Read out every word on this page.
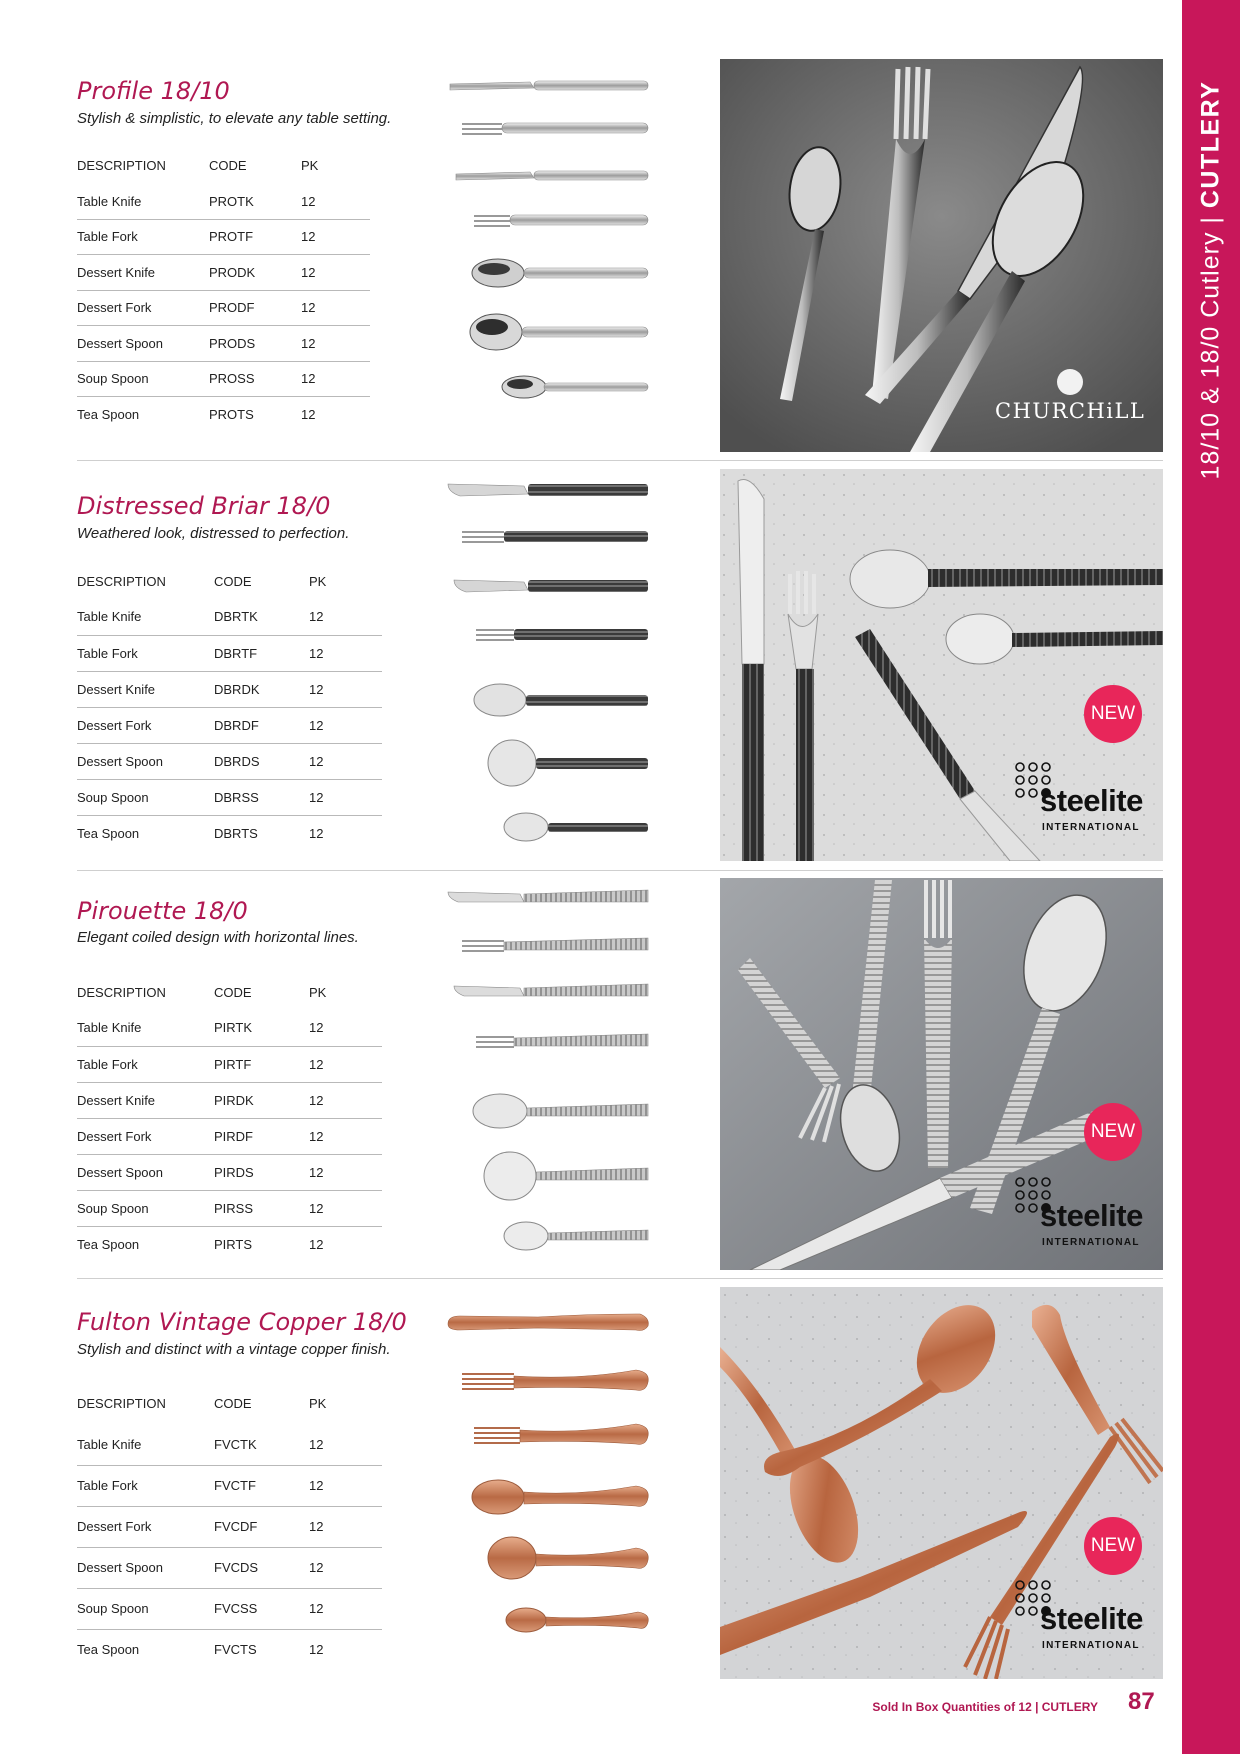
18/10 & 18/0 Cutlery | CUTLERY
Profile 18/10
Stylish & simplistic, to elevate any table setting.
DESCRIPTION	CODE	PK
Table Knife	PROTK	12
Table Fork	PROTF	12
Dessert Knife	PRODK	12
Dessert Fork	PRODF	12
Dessert Spoon	PRODS	12
Soup Spoon	PROSS	12
Tea Spoon	PROTS	12
Distressed Briar 18/0
Weathered look, distressed to perfection.
DESCRIPTION	CODE	PK
Table Knife	DBRTK	12
Table Fork	DBRTF	12
Dessert Knife	DBRDK	12
Dessert Fork	DBRDF	12
Dessert Spoon	DBRDS	12
Soup Spoon	DBRSS	12
Tea Spoon	DBRTS	12
Pirouette 18/0
Elegant coiled design with horizontal lines.
DESCRIPTION	CODE	PK
Table Knife	PIRTK	12
Table Fork	PIRTF	12
Dessert Knife	PIRDK	12
Dessert Fork	PIRDF	12
Dessert Spoon	PIRDS	12
Soup Spoon	PIRSS	12
Tea Spoon	PIRTS	12
Fulton Vintage Copper 18/0
Stylish and distinct with a vintage copper finish.
DESCRIPTION	CODE	PK
Table Knife	FVCTK	12
Table Fork	FVCTF	12
Dessert Fork	FVCDF	12
Dessert Spoon	FVCDS	12
Soup Spoon	FVCSS	12
Tea Spoon	FVCTS	12
CHURCHiLL
NEW
steelite
INTERNATIONAL
NEW
steelite
INTERNATIONAL
NEW
steelite
INTERNATIONAL
Sold In Box Quantities of 12 | CUTLERY 87
